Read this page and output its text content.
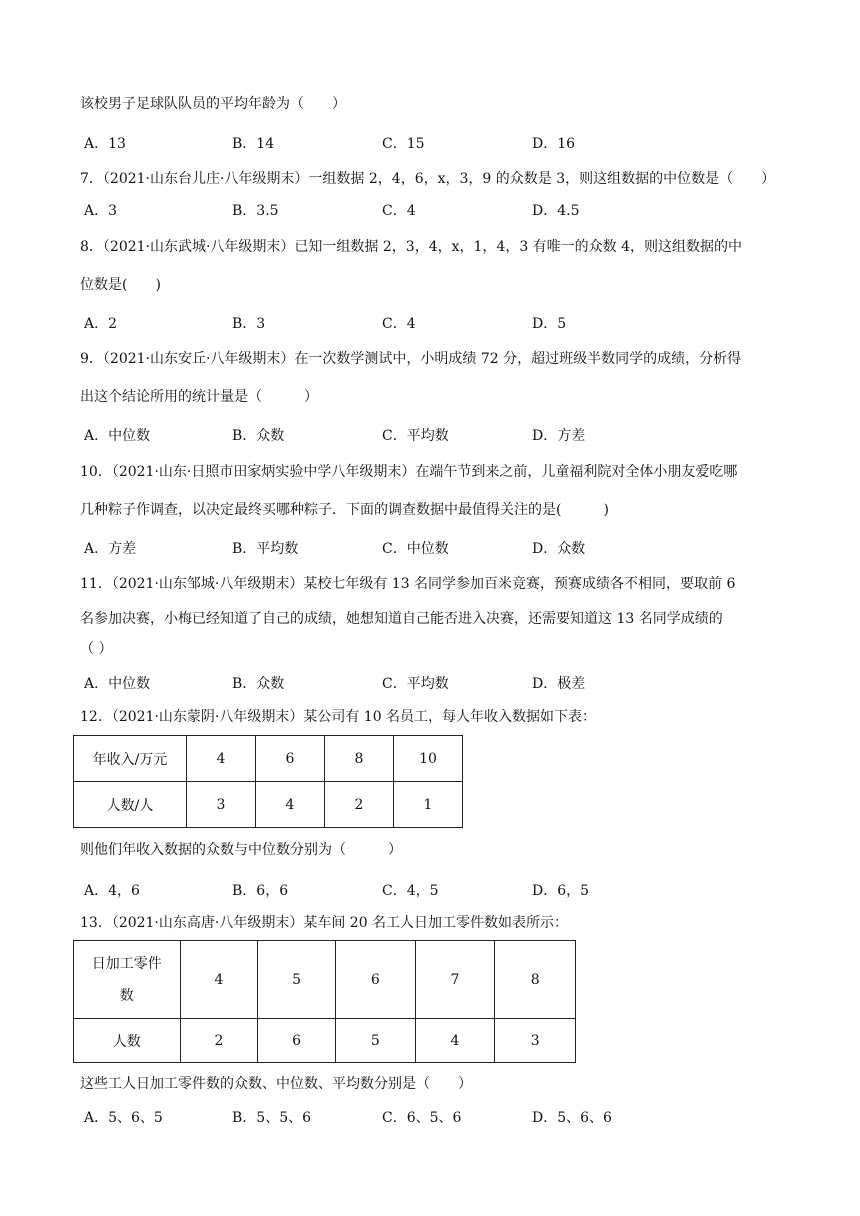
该校男子足球队队员的平均年龄为（　　）
A．13	B．14	C．15	D．16
7．（2021·山东台儿庄·八年级期末）一组数据 2，4，6，x，3，9 的众数是 3，则这组数据的中位数是（　　）
A．3	B．3.5	C．4	D．4.5
8．（2021·山东武城·八年级期末）已知一组数据 2，3，4，x，1，4，3 有唯一的众数 4，则这组数据的中
位数是(　　)
A．2	B．3	C．4	D．5
9．（2021·山东安丘·八年级期末）在一次数学测试中，小明成绩 72 分，超过班级半数同学的成绩，分析得
出这个结论所用的统计量是（　　　）
A．中位数	B．众数	C．平均数	D．方差
10．（2021·山东·日照市田家炳实验中学八年级期末）在端午节到来之前，儿童福利院对全体小朋友爱吃哪
几种粽子作调查，以决定最终买哪种粽子．下面的调查数据中最值得关注的是(　　　)
A．方差	B．平均数	C．中位数	D．众数
11．（2021·山东邹城·八年级期末）某校七年级有 13 名同学参加百米竞赛，预赛成绩各不相同，要取前 6
名参加决赛，小梅已经知道了自己的成绩，她想知道自己能否进入决赛，还需要知道这 13 名同学成绩的
（ ）
A．中位数	B．众数	C．平均数	D．极差
12．（2021·山东蒙阴·八年级期末）某公司有 10 名员工，每人年收入数据如下表：
年收入/万元	4	6	8	10
人数/人	3	4	2	1
则他们年收入数据的众数与中位数分别为（　　　）
A．4，6	B．6，6	C．4，5	D．6，5
13．（2021·山东高唐·八年级期末）某车间 20 名工人日加工零件数如表所示：
日加工零件
数	4	5	6	7	8
人数	2	6	5	4	3
这些工人日加工零件数的众数、中位数、平均数分别是（　　）
A．5、6、5	B．5、5、6	C．6、5、6	D．5、6、6
